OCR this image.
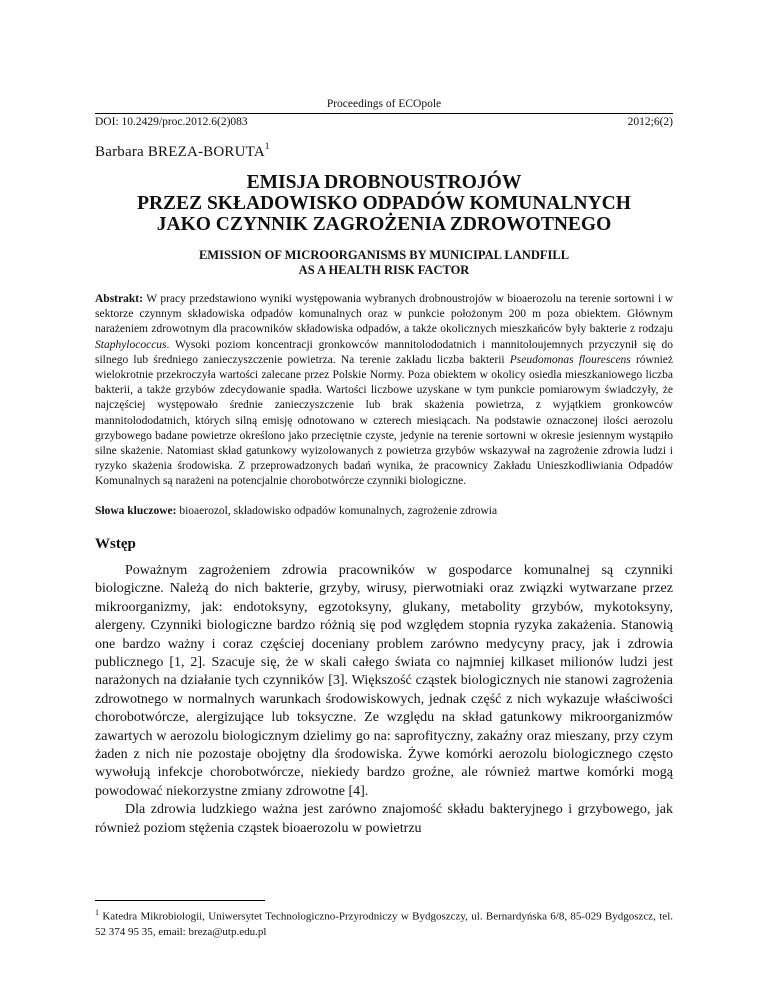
Proceedings of ECOpole
DOI: 10.2429/proc.2012.6(2)083	2012;6(2)
Barbara BREZA-BORUTA$^1$
EMISJA DROBNOUSTROJÓW
PRZEZ SKŁADOWISKO ODPADÓW KOMUNALNYCH
JAKO CZYNNIK ZAGROŻENIA ZDROWOTNEGO
EMISSION OF MICROORGANISMS BY MUNICIPAL LANDFILL
AS A HEALTH RISK FACTOR
Abstrakt: W pracy przedstawiono wyniki występowania wybranych drobnoustrojów w bioaerozolu na terenie sortowni i w sektorze czynnym składowiska odpadów komunalnych oraz w punkcie położonym 200 m poza obiektem. Głównym narażeniem zdrowotnym dla pracowników składowiska odpadów, a także okolicznych mieszkańców były bakterie z rodzaju Staphylococcus. Wysoki poziom koncentracji gronkowców mannitolododatnich i mannitoloujemnych przyczynił się do silnego lub średniego zanieczyszczenie powietrza. Na terenie zakładu liczba bakterii Pseudomonas flourescens również wielokrotnie przekroczyła wartości zalecane przez Polskie Normy. Poza obiektem w okolicy osiedla mieszkaniowego liczba bakterii, a także grzybów zdecydowanie spadła. Wartości liczbowe uzyskane w tym punkcie pomiarowym świadczyły, że najczęściej występowało średnie zanieczyszczenie lub brak skażenia powietrza, z wyjątkiem gronkowców mannitolododatnich, których silną emisję odnotowano w czterech miesiącach. Na podstawie oznaczonej ilości aerozolu grzybowego badane powietrze określono jako przeciętnie czyste, jedynie na terenie sortowni w okresie jesiennym wystąpiło silne skażenie. Natomiast skład gatunkowy wyizolowanych z powietrza grzybów wskazywał na zagrożenie zdrowia ludzi i ryzyko skażenia środowiska. Z przeprowadzonych badań wynika, że pracownicy Zakładu Unieszkodliwiania Odpadów Komunalnych są narażeni na potencjalnie chorobotwórcze czynniki biologiczne.
Słowa kluczowe: bioaerozol, składowisko odpadów komunalnych, zagrożenie zdrowia
Wstęp

Poważnym zagrożeniem zdrowia pracowników w gospodarce komunalnej są czynniki biologiczne. Należą do nich bakterie, grzyby, wirusy, pierwotniaki oraz związki wytwarzane przez mikroorganizmy, jak: endotoksyny, egzotoksyny, glukany, metabolity grzybów, mykotoksyny, alergeny. Czynniki biologiczne bardzo różnią się pod względem stopnia ryzyka zakażenia. Stanowią one bardzo ważny i coraz częściej doceniany problem zarówno medycyny pracy, jak i zdrowia publicznego [1, 2]. Szacuje się, że w skali całego świata co najmniej kilkaset milionów ludzi jest narażonych na działanie tych czynników [3]. Większość cząstek biologicznych nie stanowi zagrożenia zdrowotnego w normalnych warunkach środowiskowych, jednak część z nich wykazuje właściwości chorobotwórcze, alergizujące lub toksyczne. Ze względu na skład gatunkowy mikroorganizmów zawartych w aerozolu biologicznym dzielimy go na: saprofityczny, zakaźny oraz mieszany, przy czym żaden z nich nie pozostaje obojętny dla środowiska. Żywe komórki aerozolu biologicznego często wywołują infekcje chorobotwórcze, niekiedy bardzo groźne, ale również martwe komórki mogą powodować niekorzystne zmiany zdrowotne [4].

Dla zdrowia ludzkiego ważna jest zarówno znajomość składu bakteryjnego i grzybowego, jak również poziom stężenia cząstek bioaerozolu w powietrzu

$^1$ Katedra Mikrobiologii, Uniwersytet Technologiczno-Przyrodniczy w Bydgoszczy, ul. Bernardyńska 6/8, 85-029 Bydgoszcz, tel. 52 374 95 35, email: breza@utp.edu.pl
